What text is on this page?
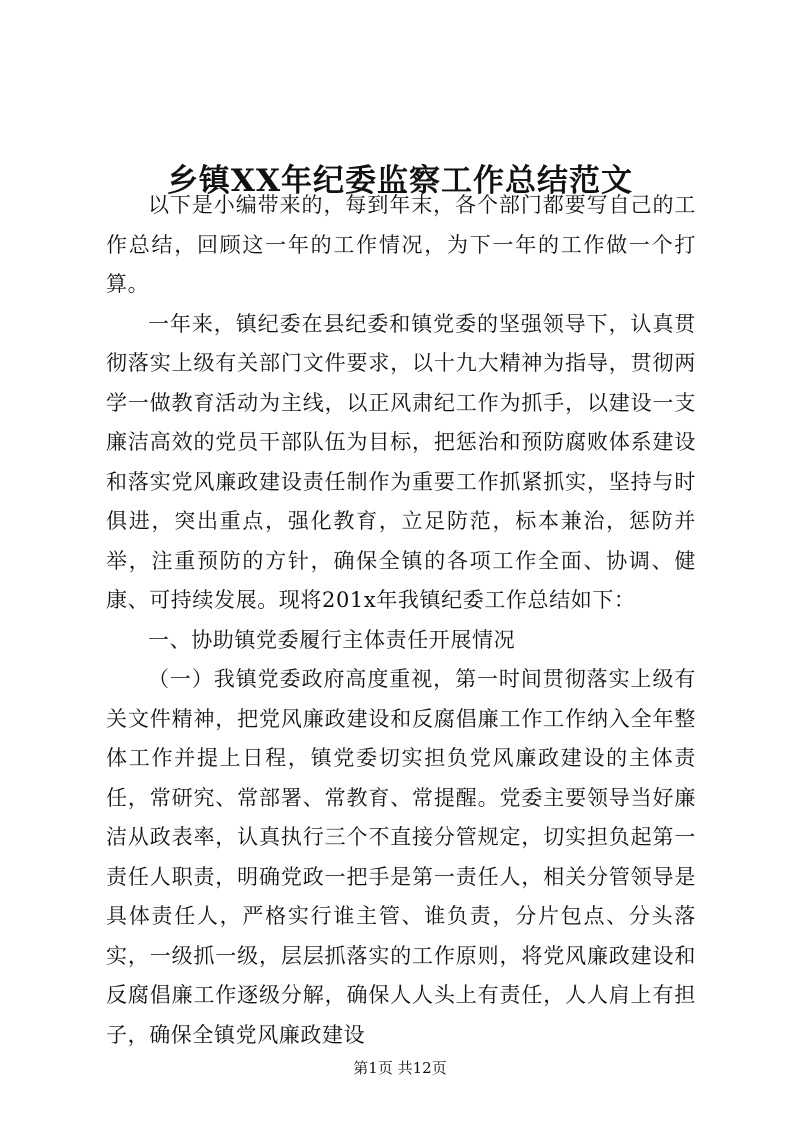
乡镇XX年纪委监察工作总结范文

以下是小编带来的，每到年末，各个部门都要写自己的工作总结，回顾这一年的工作情况，为下一年的工作做一个打算。

一年来，镇纪委在县纪委和镇党委的坚强领导下，认真贯彻落实上级有关部门文件要求，以十九大精神为指导，贯彻两学一做教育活动为主线，以正风肃纪工作为抓手，以建设一支廉洁高效的党员干部队伍为目标，把惩治和预防腐败体系建设和落实党风廉政建设责任制作为重要工作抓紧抓实，坚持与时俱进，突出重点，强化教育，立足防范，标本兼治，惩防并举，注重预防的方针，确保全镇的各项工作全面、协调、健康、可持续发展。现将201x年我镇纪委工作总结如下：

一、协助镇党委履行主体责任开展情况

（一）我镇党委政府高度重视，第一时间贯彻落实上级有关文件精神，把党风廉政建设和反腐倡廉工作工作纳入全年整体工作并提上日程，镇党委切实担负党风廉政建设的主体责任，常研究、常部署、常教育、常提醒。党委主要领导当好廉洁从政表率，认真执行三个不直接分管规定，切实担负起第一责任人职责，明确党政一把手是第一责任人，相关分管领导是具体责任人，严格实行谁主管、谁负责，分片包点、分头落实，一级抓一级，层层抓落实的工作原则，将党风廉政建设和反腐倡廉工作逐级分解，确保人人头上有责任，人人肩上有担子，确保全镇党风廉政建设

第1页 共12页
